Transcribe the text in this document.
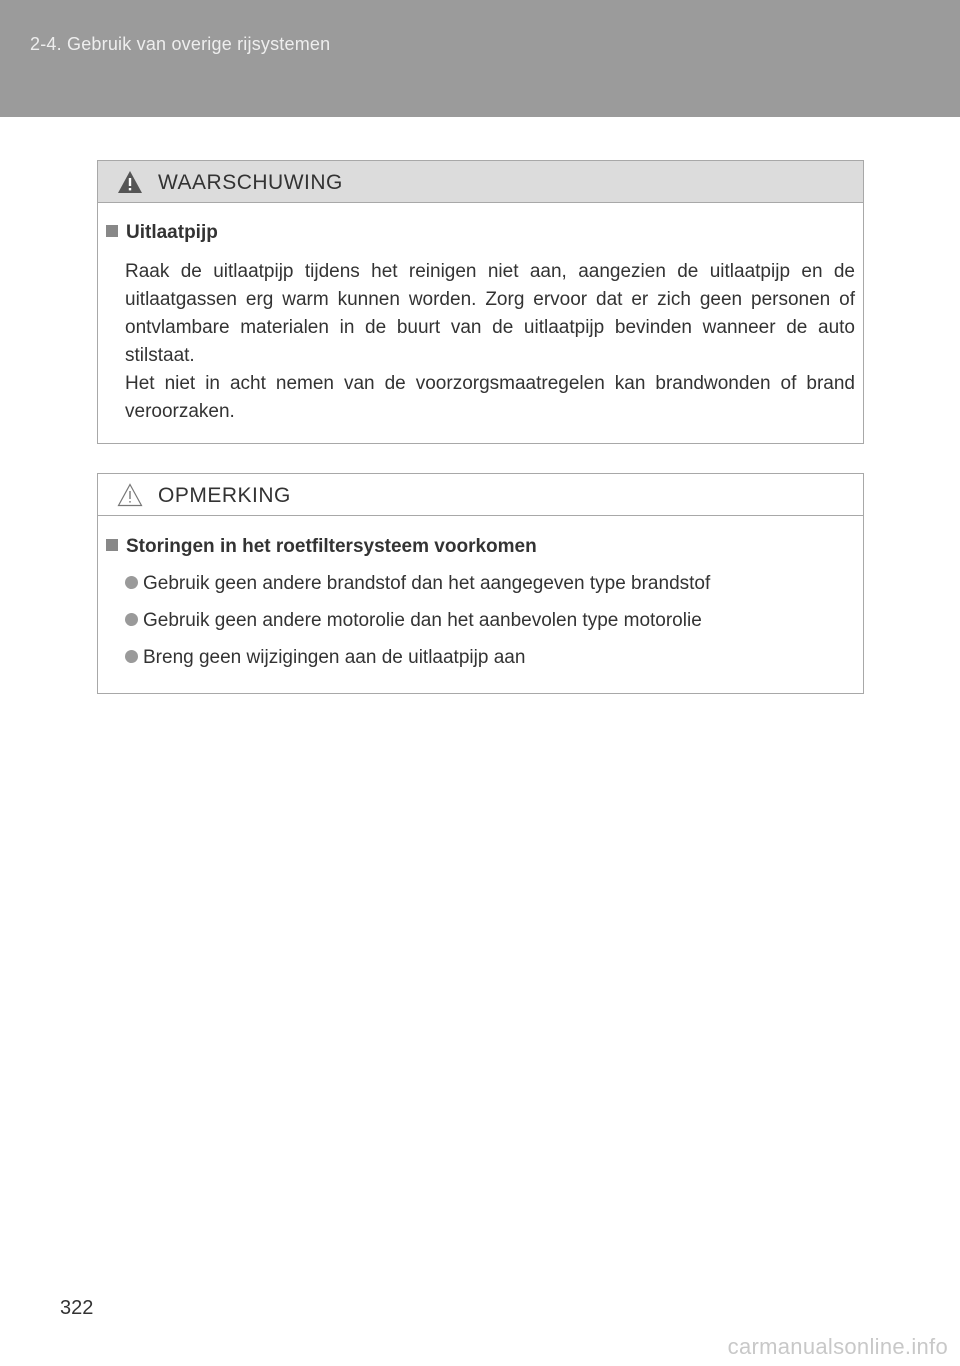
2-4. Gebruik van overige rijsystemen
WAARSCHUWING
Uitlaatpijp
Raak de uitlaatpijp tijdens het reinigen niet aan, aangezien de uitlaatpijp en de uitlaatgassen erg warm kunnen worden. Zorg ervoor dat er zich geen personen of ontvlambare materialen in de buurt van de uitlaatpijp bevinden wanneer de auto stilstaat.
Het niet in acht nemen van de voorzorgsmaatregelen kan brandwonden of brand veroorzaken.
OPMERKING
Storingen in het roetfiltersysteem voorkomen
Gebruik geen andere brandstof dan het aangegeven type brandstof
Gebruik geen andere motorolie dan het aanbevolen type motorolie
Breng geen wijzigingen aan de uitlaatpijp aan
322
carmanualsonline.info
